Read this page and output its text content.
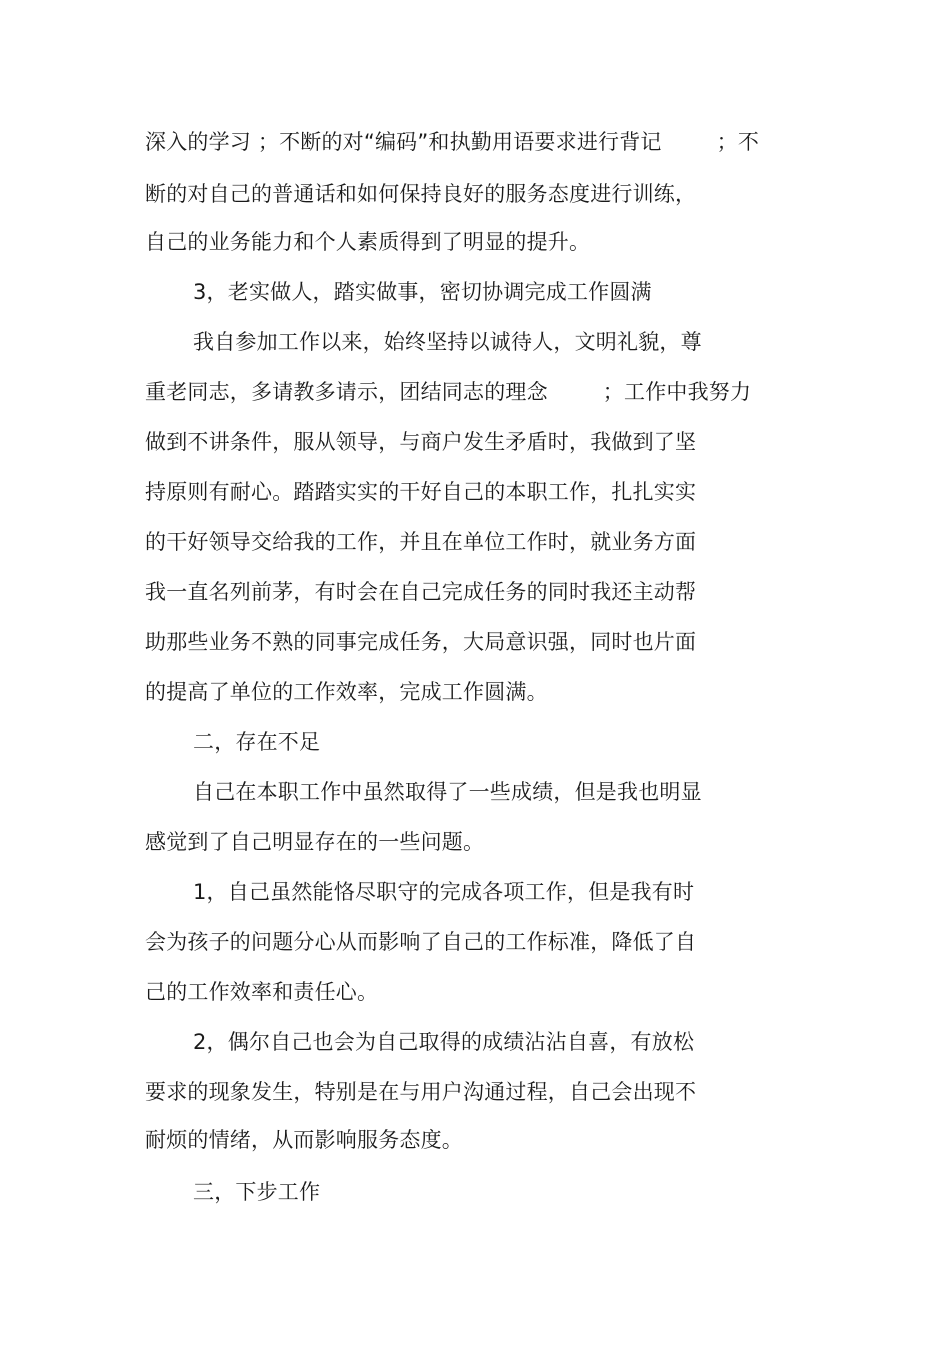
深入的学习 ；不断的对“编码”和执勤用语要求进行背记        ；不
断的对自己的普通话和如何保持良好的服务态度进行训练，
自己的业务能力和个人素质得到了明显的提升。
3，老实做人，踏实做事，密切协调完成工作圆满
我自参加工作以来，始终坚持以诚待人，文明礼貌，尊
重老同志，多请教多请示，团结同志的理念        ；工作中我努力
做到不讲条件，服从领导，与商户发生矛盾时，我做到了坚
持原则有耐心。踏踏实实的干好自己的本职工作，扎扎实实
的干好领导交给我的工作，并且在单位工作时，就业务方面
我一直名列前茅，有时会在自己完成任务的同时我还主动帮
助那些业务不熟的同事完成任务，大局意识强，同时也片面
的提高了单位的工作效率，完成工作圆满。
二，存在不足
自己在本职工作中虽然取得了一些成绩，但是我也明显
感觉到了自己明显存在的一些问题。
1，自己虽然能恪尽职守的完成各项工作，但是我有时
会为孩子的问题分心从而影响了自己的工作标准，降低了自
己的工作效率和责任心。
2，偶尔自己也会为自己取得的成绩沾沾自喜，有放松
要求的现象发生，特别是在与用户沟通过程，自己会出现不
耐烦的情绪，从而影响服务态度。
三，下步工作
